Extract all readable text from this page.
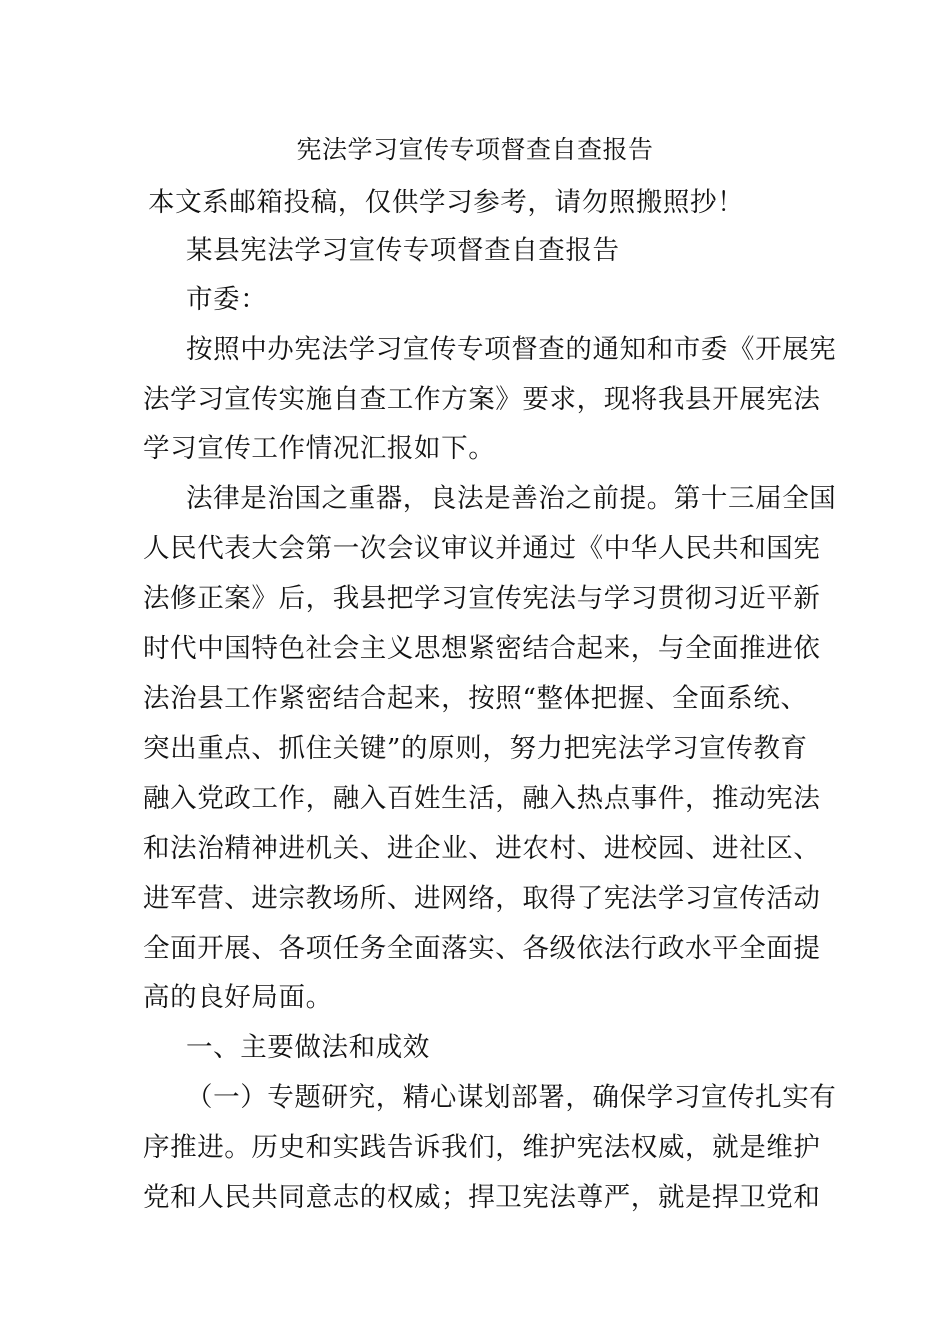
宪法学习宣传专项督查自查报告
本文系邮箱投稿，仅供学习参考，请勿照搬照抄！
某县宪法学习宣传专项督查自查报告
市委：
按照中办宪法学习宣传专项督查的通知和市委《开展宪
法学习宣传实施自查工作方案》要求，现将我县开展宪法
学习宣传工作情况汇报如下。
法律是治国之重器，良法是善治之前提。第十三届全国
人民代表大会第一次会议审议并通过《中华人民共和国宪
法修正案》后，我县把学习宣传宪法与学习贯彻习近平新
时代中国特色社会主义思想紧密结合起来，与全面推进依
法治县工作紧密结合起来，按照“整体把握、全面系统、
突出重点、抓住关键”的原则，努力把宪法学习宣传教育
融入党政工作，融入百姓生活，融入热点事件，推动宪法
和法治精神进机关、进企业、进农村、进校园、进社区、
进军营、进宗教场所、进网络，取得了宪法学习宣传活动
全面开展、各项任务全面落实、各级依法行政水平全面提
高的良好局面。
一、主要做法和成效
（一）专题研究，精心谋划部署，确保学习宣传扎实有
序推进。历史和实践告诉我们，维护宪法权威，就是维护
党和人民共同意志的权威；捍卫宪法尊严，就是捍卫党和
